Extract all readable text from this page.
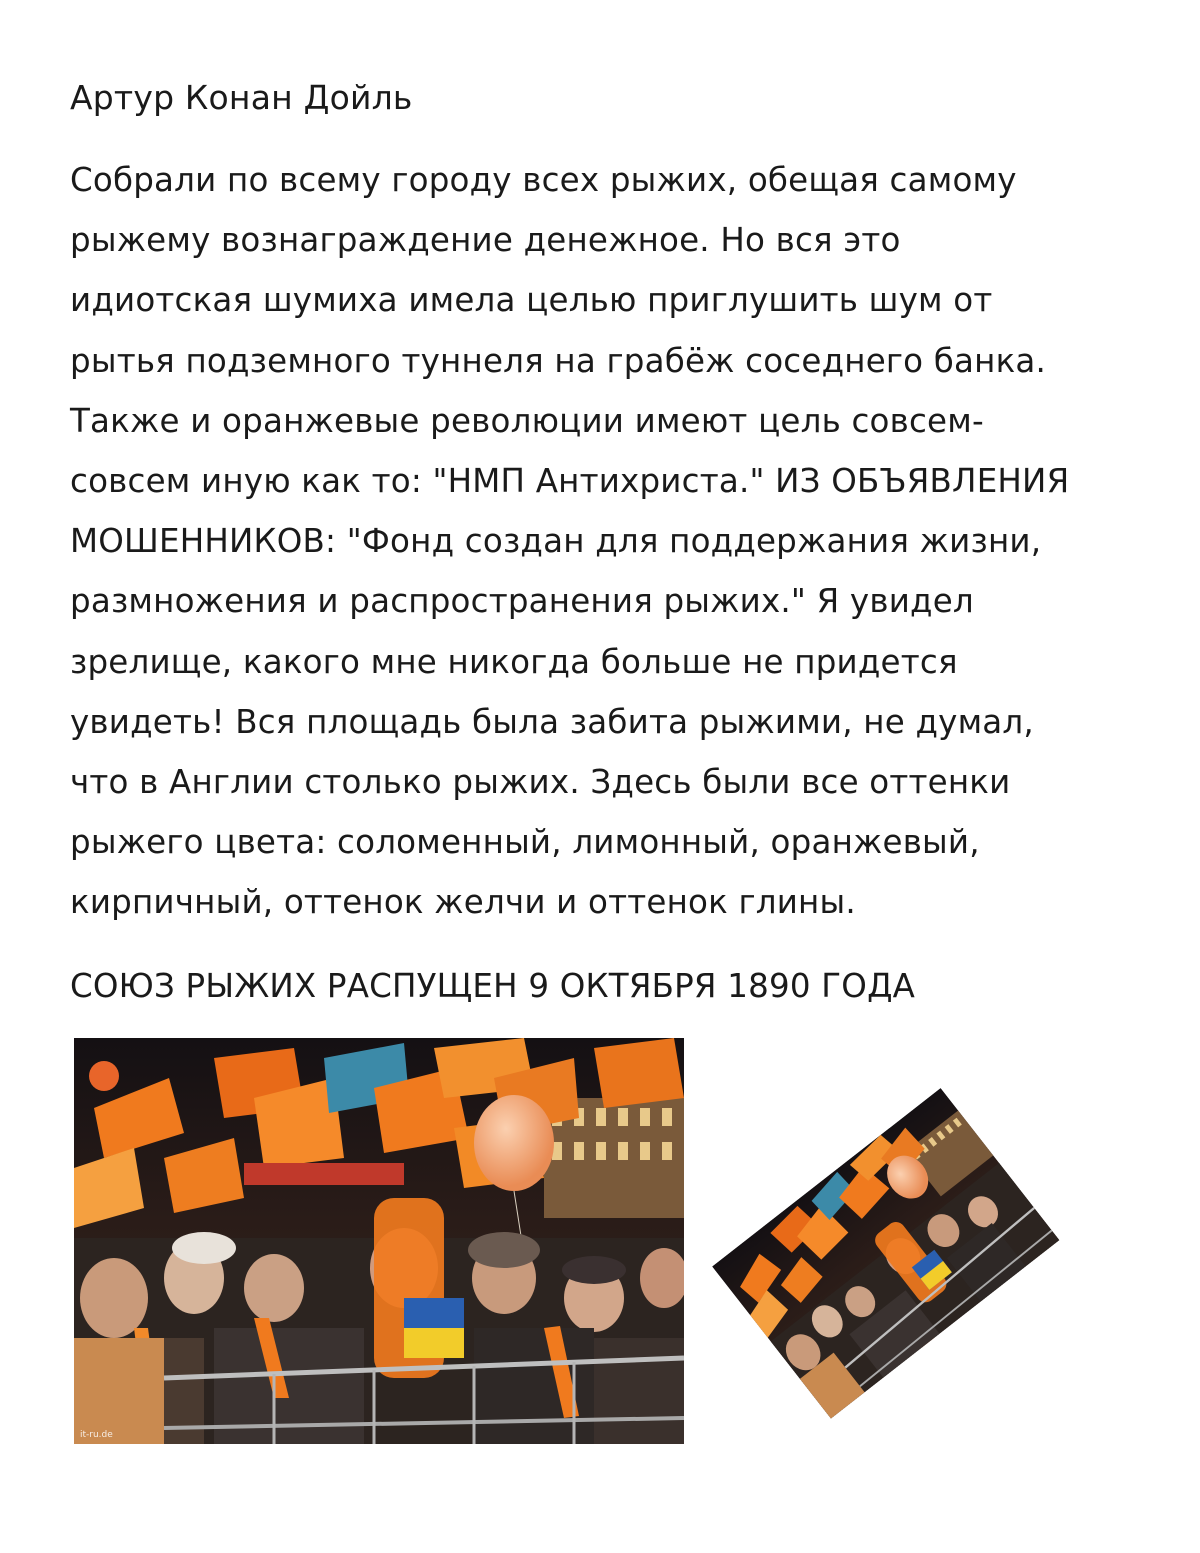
Артур Конан Дойль
Собрали по всему городу всех рыжих, обещая самому
рыжему вознаграждение денежное. Но вся это
идиотская шумиха имела целью приглушить шум от
рытья подземного туннеля на грабёж соседнего банка.
Также и оранжевые революции имеют цель совсем-
совсем иную как то: "НМП Антихриста." ИЗ ОБЪЯВЛЕНИЯ
МОШЕННИКОВ: "Фонд создан для поддержания жизни,
размножения и распространения рыжих." Я увидел
зрелище, какого мне никогда больше не придется
увидеть! Вся площадь была забита рыжими, не думал,
что в Англии столько рыжих. Здесь были все оттенки
рыжего цвета: соломенный, лимонный, оранжевый,
кирпичный, оттенок желчи и оттенок глины.
СОЮЗ РЫЖИХ РАСПУЩЕН 9 ОКТЯБРЯ 1890 ГОДА
it-ru.de
